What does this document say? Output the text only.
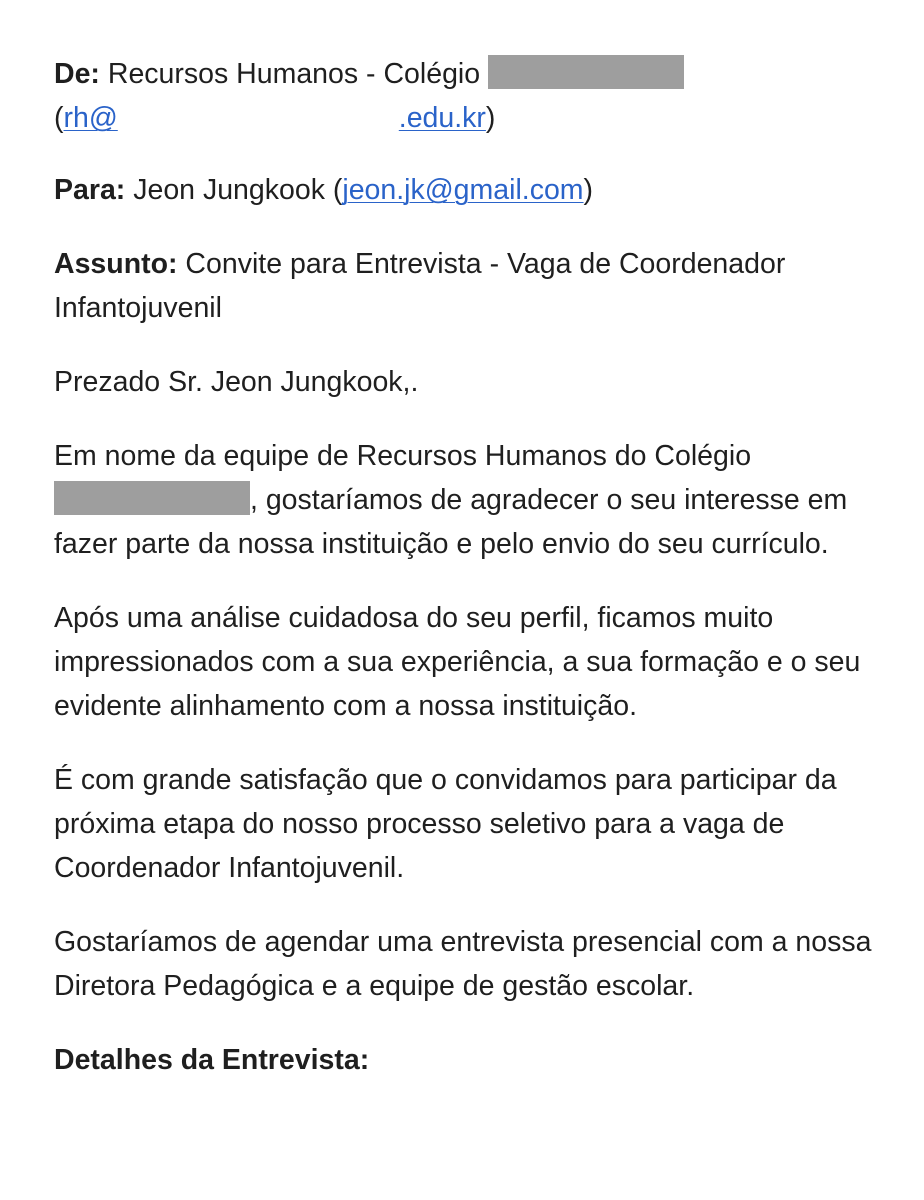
De: Recursos Humanos - Colégio
(rh@	.edu.kr)
Para: Jeon Jungkook (jeon.jk@gmail.com)
Assunto: Convite para Entrevista - Vaga de Coordenador Infantojuvenil
Prezado Sr. Jeon Jungkook,.
Em nome da equipe de Recursos Humanos do Colégio , gostaríamos de agradecer o seu interesse em fazer parte da nossa instituição e pelo envio do seu currículo.
Após uma análise cuidadosa do seu perfil, ficamos muito impressionados com a sua experiência, a sua formação e o seu evidente alinhamento com a nossa instituição.
É com grande satisfação que o convidamos para participar da próxima etapa do nosso processo seletivo para a vaga de Coordenador Infantojuvenil.
Gostaríamos de agendar uma entrevista presencial com a nossa Diretora Pedagógica e a equipe de gestão escolar.
Detalhes da Entrevista:
